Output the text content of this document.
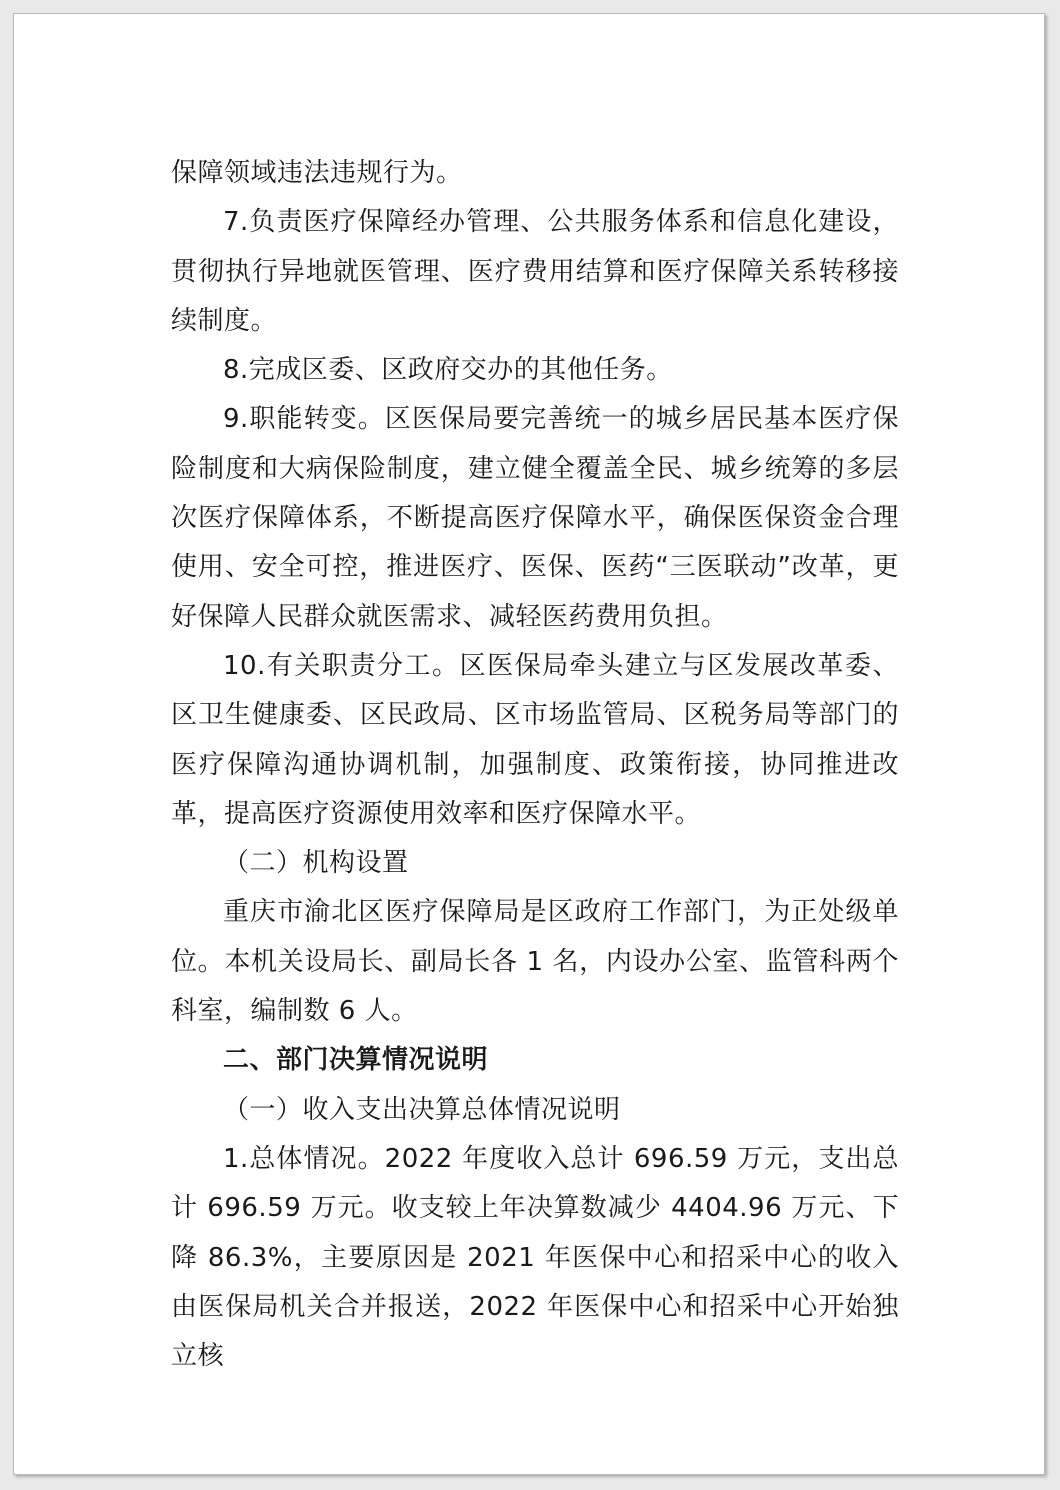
保障领域违法违规行为。

7.负责医疗保障经办管理、公共服务体系和信息化建设，贯彻执行异地就医管理、医疗费用结算和医疗保障关系转移接续制度。

8.完成区委、区政府交办的其他任务。

9.职能转变。区医保局要完善统一的城乡居民基本医疗保险制度和大病保险制度，建立健全覆盖全民、城乡统筹的多层次医疗保障体系，不断提高医疗保障水平，确保医保资金合理使用、安全可控，推进医疗、医保、医药“三医联动”改革，更好保障人民群众就医需求、减轻医药费用负担。

10.有关职责分工。区医保局牵头建立与区发展改革委、区卫生健康委、区民政局、区市场监管局、区税务局等部门的医疗保障沟通协调机制，加强制度、政策衔接，协同推进改革，提高医疗资源使用效率和医疗保障水平。

（二）机构设置

重庆市渝北区医疗保障局是区政府工作部门，为正处级单位。本机关设局长、副局长各 1 名，内设办公室、监管科两个科室，编制数 6 人。

二、部门决算情况说明

（一）收入支出决算总体情况说明

1.总体情况。2022 年度收入总计 696.59 万元，支出总计 696.59 万元。收支较上年决算数减少 4404.96 万元、下降 86.3%，主要原因是 2021 年医保中心和招采中心的收入由医保局机关合并报送，2022 年医保中心和招采中心开始独立核
